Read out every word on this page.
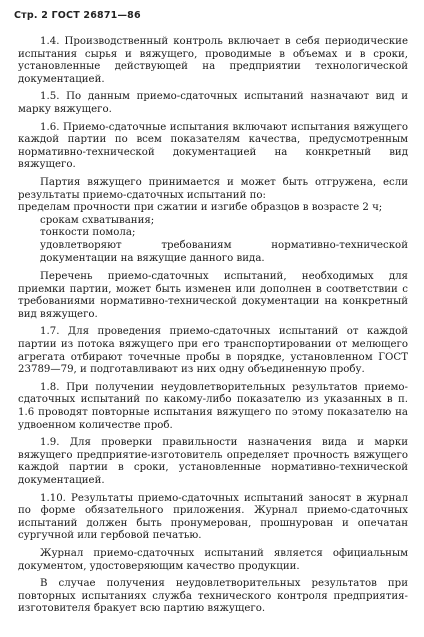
Стр. 2 ГОСТ 26871—86

1.4. Производственный контроль включает в себя периодические испытания сырья и вяжущего, проводимые в объемах и в сроки, установленные действующей на предприятии технологической документацией.

1.5. По данным приемо-сдаточных испытаний назначают вид и марку вяжущего.

1.6. Приемо-сдаточные испытания включают испытания вяжущего каждой партии по всем показателям качества, предусмотренным нормативно-технической документацией на конкретный вид вяжущего.

Партия вяжущего принимается и может быть отгружена, если результаты приемо-сдаточных испытаний по:

пределам прочности при сжатии и изгибе образцов в возрасте 2 ч;

срокам схватывания;

тонкости помола;

удовлетворяют требованиям нормативно-технической документации на вяжущие данного вида.

Перечень приемо-сдаточных испытаний, необходимых для приемки партии, может быть изменен или дополнен в соответствии с требованиями нормативно-технической документации на конкретный вид вяжущего.

1.7. Для проведения приемо-сдаточных испытаний от каждой партии из потока вяжущего при его транспортировании от мелющего агрегата отбирают точечные пробы в порядке, установленном ГОСТ 23789—79, и подготавливают из них одну объединенную пробу.

1.8. При получении неудовлетворительных результатов приемо-сдаточных испытаний по какому-либо показателю из указанных в п. 1.6 проводят повторные испытания вяжущего по этому показателю на удвоенном количестве проб.

1.9. Для проверки правильности назначения вида и марки вяжущего предприятие-изготовитель определяет прочность вяжущего каждой партии в сроки, установленные нормативно-технической документацией.

1.10. Результаты приемо-сдаточных испытаний заносят в журнал по форме обязательного приложения. Журнал приемо-сдаточных испытаний должен быть пронумерован, прошнурован и опечатан сургучной или гербовой печатью.

Журнал приемо-сдаточных испытаний является официальным документом, удостоверяющим качество продукции.

В случае получения неудовлетворительных результатов при повторных испытаниях служба технического контроля предприятия-изготовителя бракует всю партию вяжущего.
